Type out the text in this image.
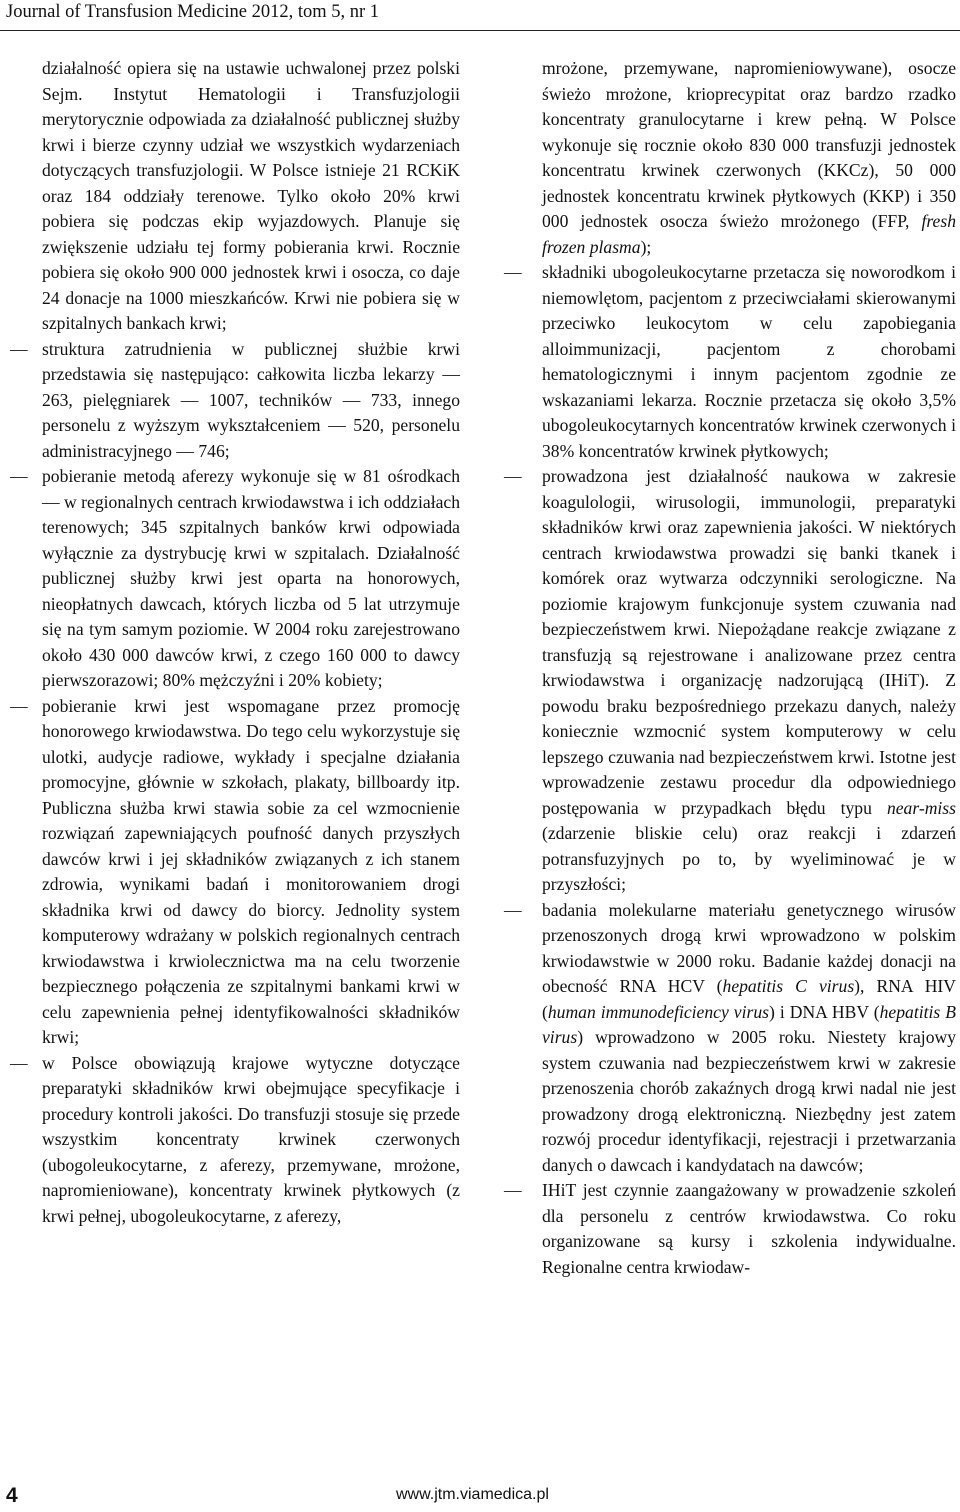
Journal of Transfusion Medicine 2012, tom 5, nr 1

działalność opiera się na ustawie uchwalonej przez polski Sejm. Instytut Hematologii i Transfuzjologii merytorycznie odpowiada za działalność publicznej służby krwi i bierze czynny udział we wszystkich wydarzeniach dotyczących transfuzjologii. W Polsce istnieje 21 RCKiK oraz 184 oddziały terenowe. Tylko około 20% krwi pobiera się podczas ekip wyjazdowych. Planuje się zwiększenie udziału tej formy pobierania krwi. Rocznie pobiera się około 900 000 jednostek krwi i osocza, co daje 24 donacje na 1000 mieszkańców. Krwi nie pobiera się w szpitalnych bankach krwi;

— struktura zatrudnienia w publicznej służbie krwi przedstawia się następująco: całkowita liczba lekarzy — 263, pielęgniarek — 1007, techników — 733, innego personelu z wyższym wykształceniem — 520, personelu administracyjnego — 746;
— pobieranie metodą aferezy wykonuje się w 81 ośrodkach — w regionalnych centrach krwiodawstwa i ich oddziałach terenowych; 345 szpitalnych banków krwi odpowiada wyłącznie za dystrybucję krwi w szpitalach. Działalność publicznej służby krwi jest oparta na honorowych, nieopłatnych dawcach, których liczba od 5 lat utrzymuje się na tym samym poziomie. W 2004 roku zarejestrowano około 430 000 dawców krwi, z czego 160 000 to dawcy pierwszorazowi; 80% mężczyźni i 20% kobiety;
— pobieranie krwi jest wspomagane przez promocję honorowego krwiodawstwa. Do tego celu wykorzystuje się ulotki, audycje radiowe, wykłady i specjalne działania promocyjne, głównie w szkołach, plakaty, billboardy itp. Publiczna służba krwi stawia sobie za cel wzmocnienie rozwiązań zapewniających poufność danych przyszłych dawców krwi i jej składników związanych z ich stanem zdrowia, wynikami badań i monitorowaniem drogi składnika krwi od dawcy do biorcy. Jednolity system komputerowy wdrażany w polskich regionalnych centrach krwiodawstwa i krwiolecznictwa ma na celu tworzenie bezpiecznego połączenia ze szpitalnymi bankami krwi w celu zapewnienia pełnej identyfikowalności składników krwi;
— w Polsce obowiązują krajowe wytyczne dotyczące preparatyki składników krwi obejmujące specyfikacje i procedury kontroli jakości. Do transfuzji stosuje się przede wszystkim koncentraty krwinek czerwonych (ubogoleukocytarne, z aferezy, przemywane, mrożone, napromieniowane), koncentraty krwinek płytkowych (z krwi pełnej, ubogoleukocytarne, z aferezy,

mrożone, przemywane, napromieniowywane), osocze świeżo mrożone, krioprecypitat oraz bardzo rzadko koncentraty granulocytarne i krew pełną. W Polsce wykonuje się rocznie około 830 000 transfuzji jednostek koncentratu krwinek czerwonych (KKCz), 50 000 jednostek koncentratu krwinek płytkowych (KKP) i 350 000 jednostek osocza świeżo mrożonego (FFP, fresh frozen plasma);

—	składniki ubogoleukocytarne przetacza się noworodkom i niemowlętom, pacjentom z przeciwciałami skierowanymi przeciwko leukocytom w celu zapobiegania alloimmunizacji, pacjentom z chorobami hematologicznymi i innym pacjentom zgodnie ze wskazaniami lekarza. Rocznie przetacza się około 3,5% ubogoleukocytarnych koncentratów krwinek czerwonych i 38% koncentratów krwinek płytkowych;
—	prowadzona jest działalność naukowa w zakresie koagulologii, wirusologii, immunologii, preparatyki składników krwi oraz zapewnienia jakości. W niektórych centrach krwiodawstwa prowadzi się banki tkanek i komórek oraz wytwarza odczynniki serologiczne. Na poziomie krajowym funkcjonuje system czuwania nad bezpieczeństwem krwi. Niepożądane reakcje związane z transfuzją są rejestrowane i analizowane przez centra krwiodawstwa i organizację nadzorującą (IHiT). Z powodu braku bezpośredniego przekazu danych, należy koniecznie wzmocnić system komputerowy w celu lepszego czuwania nad bezpieczeństwem krwi. Istotne jest wprowadzenie zestawu procedur dla odpowiedniego postępowania w przypadkach błędu typu near-miss (zdarzenie bliskie celu) oraz reakcji i zdarzeń potransfuzyjnych po to, by wyeliminować je w przyszłości;
—	badania molekularne materiału genetycznego wirusów przenoszonych drogą krwi wprowadzono w polskim krwiodawstwie w 2000 roku. Badanie każdej donacji na obecność RNA HCV (hepatitis C virus), RNA HIV (human immunodeficiency virus) i DNA HBV (hepatitis B virus) wprowadzono w 2005 roku. Niestety krajowy system czuwania nad bezpieczeństwem krwi w zakresie przenoszenia chorób zakaźnych drogą krwi nadal nie jest prowadzony drogą elektroniczną. Niezbędny jest zatem rozwój procedur identyfikacji, rejestracji i przetwarzania danych o dawcach i kandydatach na dawców;
—	IHiT jest czynnie zaangażowany w prowadzenie szkoleń dla personelu z centrów krwiodawstwa. Co roku organizowane są kursy i szkolenia indywidualne. Regionalne centra krwiodaw-
4	www.jtm.viamedica.pl
